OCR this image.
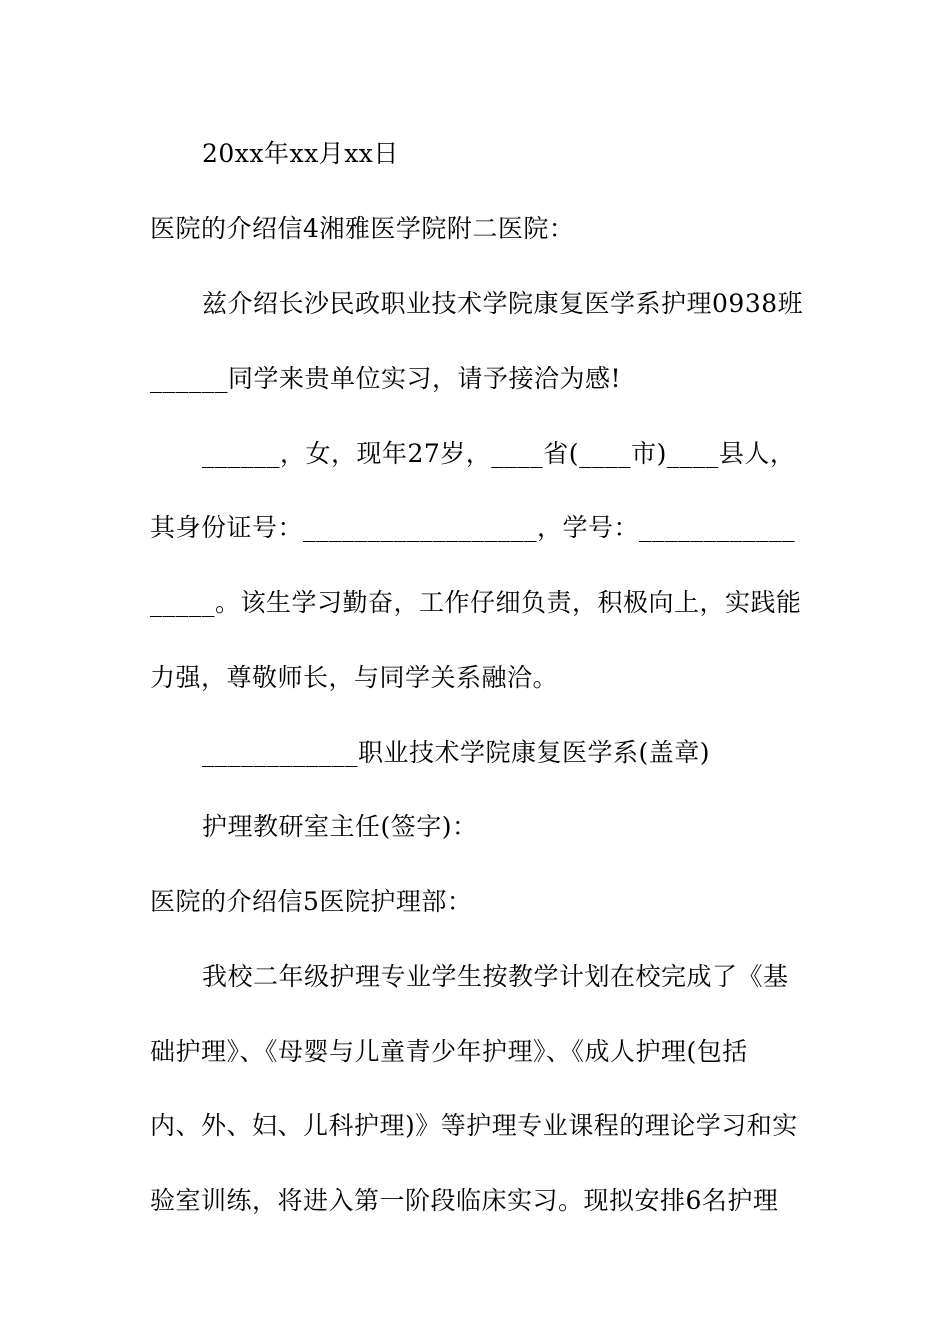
20xx年xx月xx日
医院的介绍信4湘雅医学院附二医院：
兹介绍长沙民政职业技术学院康复医学系护理0938班
______同学来贵单位实习，请予接洽为感!
______，女，现年27岁，____省(____市)____县人，
其身份证号：__________________，学号：____________
_____。该生学习勤奋，工作仔细负责，积极向上，实践能
力强，尊敬师长，与同学关系融洽。
____________职业技术学院康复医学系(盖章)
护理教研室主任(签字)：
医院的介绍信5医院护理部：
我校二年级护理专业学生按教学计划在校完成了《基
础护理》、《母婴与儿童青少年护理》、《成人护理(包括
内、外、妇、儿科护理)》等护理专业课程的理论学习和实
验室训练，将进入第一阶段临床实习。现拟安排6名护理
